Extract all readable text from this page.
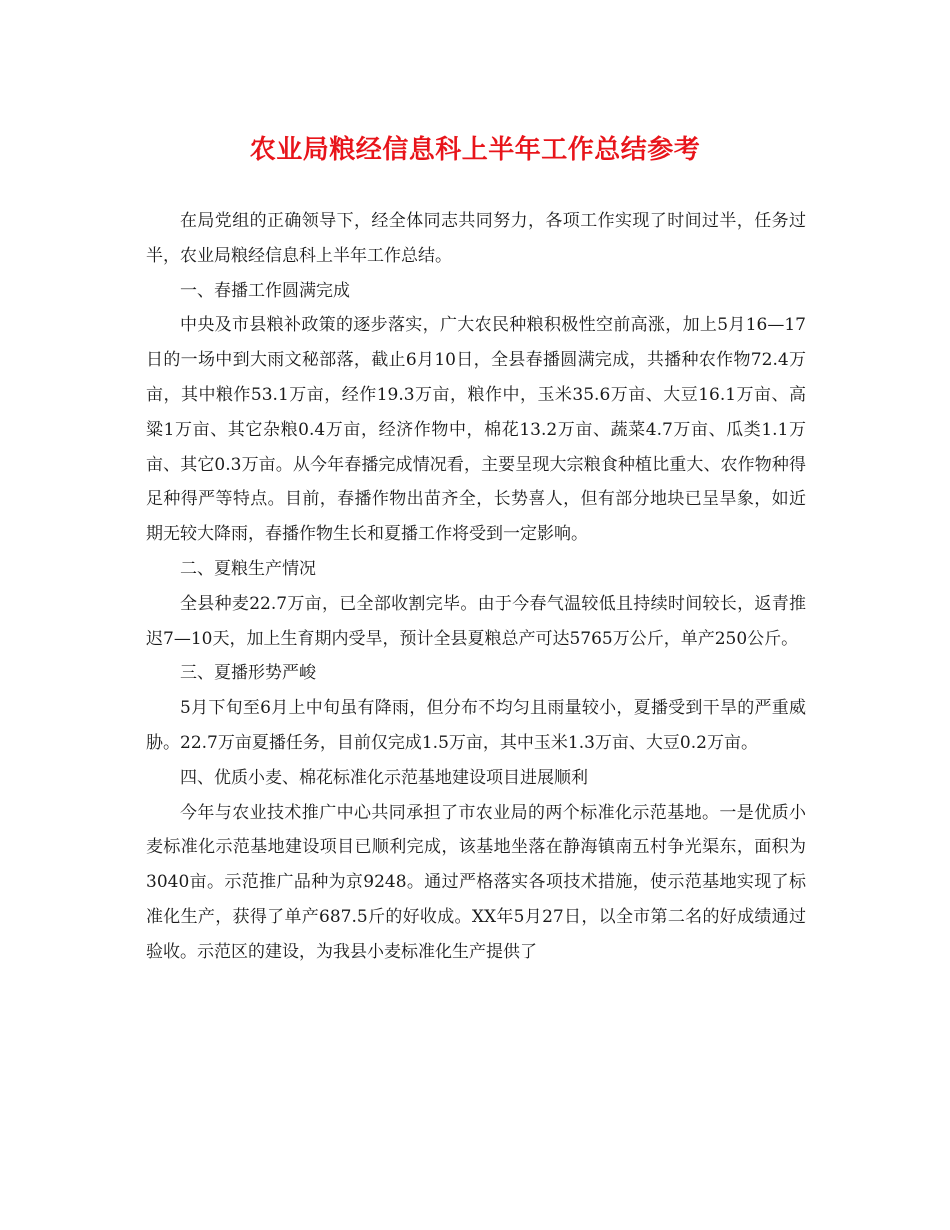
农业局粮经信息科上半年工作总结参考

在局党组的正确领导下，经全体同志共同努力，各项工作实现了时间过半，任务过半，农业局粮经信息科上半年工作总结。

一、春播工作圆满完成

中央及市县粮补政策的逐步落实，广大农民种粮积极性空前高涨，加上5月16—17日的一场中到大雨文秘部落，截止6月10日，全县春播圆满完成，共播种农作物72.4万亩，其中粮作53.1万亩，经作19.3万亩，粮作中，玉米35.6万亩、大豆16.1万亩、高粱1万亩、其它杂粮0.4万亩，经济作物中，棉花13.2万亩、蔬菜4.7万亩、瓜类1.1万亩、其它0.3万亩。从今年春播完成情况看，主要呈现大宗粮食种植比重大、农作物种得足种得严等特点。目前，春播作物出苗齐全，长势喜人，但有部分地块已呈旱象，如近期无较大降雨，春播作物生长和夏播工作将受到一定影响。

二、夏粮生产情况

全县种麦22.7万亩，已全部收割完毕。由于今春气温较低且持续时间较长，返青推迟7—10天，加上生育期内受旱，预计全县夏粮总产可达5765万公斤，单产250公斤。

三、夏播形势严峻

5月下旬至6月上中旬虽有降雨，但分布不均匀且雨量较小，夏播受到干旱的严重威胁。22.7万亩夏播任务，目前仅完成1.5万亩，其中玉米1.3万亩、大豆0.2万亩。

四、优质小麦、棉花标准化示范基地建设项目进展顺利

今年与农业技术推广中心共同承担了市农业局的两个标准化示范基地。一是优质小麦标准化示范基地建设项目已顺利完成，该基地坐落在静海镇南五村争光渠东，面积为3040亩。示范推广品种为京9248。通过严格落实各项技术措施，使示范基地实现了标准化生产，获得了单产687.5斤的好收成。XX年5月27日，以全市第二名的好成绩通过验收。示范区的建设，为我县小麦标准化生产提供了
